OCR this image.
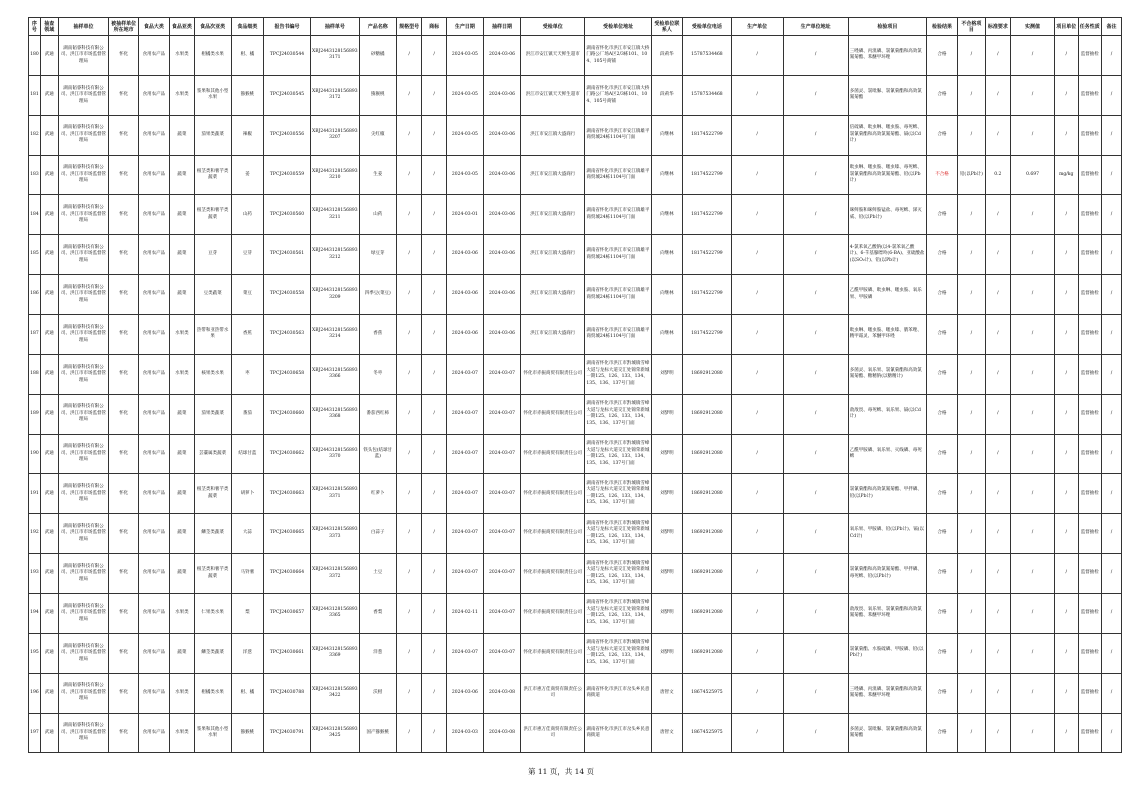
序号	抽查领域	抽样单位	被抽样单位所在地市	食品大类	食品亚类	食品次亚类	食品细类	报告书编号	抽样单号	产品名称	规格型号	商标	生产日期	抽样日期	受检单位	受检单位地址	受检单位联系人	受检单位电话	生产单位	生产单位地址	检验项目	检验结果	不合格项目	标准要求	实测值	项目单位	任务性质	备注
180	武通	湖南韬睿科技有限公司、洪江市市场监督管理局	怀化	食用农产品	水果类	柑橘类水果	柑、橘	TPCJ24030544	XBJ24431281568933171	砂糖橘	/	/	2024-03-05	2024-03-06	洪江市安江镇天天鲜生超市	湖南省怀化市洪江市安江镇大桥门路公厂场A区2/3栋101、104、105号商铺	段莉华	15787534468	/	/	三唑磷、丙溴磷、氯氰菊酯和高效氯氰菊酯、苯醚甲环唑	合格	/	/	/	/	监督抽检	/
181	武通	湖南韬睿科技有限公司、洪江市市场监督管理局	怀化	食用农产品	水果类	浆果和其他小型水果	猕猴桃	TPCJ24030545	XBJ24431281568933172	猕猴桃	/	/	2024-03-05	2024-03-06	洪江市安江镇天天鲜生超市	湖南省怀化市洪江市安江镇大桥门路公厂场A区2/3栋101、104、105号商铺	段莉华	15787534468	/	/	多菌灵、氯吡脲、氯氰菊酯和高效氯氰菊酯	合格	/	/	/	/	监督抽检	/
182	武通	湖南韬睿科技有限公司、洪江市市场监督管理局	怀化	食用农产品	蔬菜	茄果类蔬菜	辣椒	TPCJ24030556	XBJ24431281568933207	尖红椒	/	/	2024-03-05	2024-03-06	洪江市安江镇大盛商行	湖南省怀化市洪江市安江镇雄平商贸城24栋1104号门面	向继林	18174522799	/	/	倍硫磷、吡虫啉、噻虫胺、毒死蜱、氯氰菊酯和高效氯氰菊酯、镉(以Cd计)	合格	/	/	/	/	监督抽检	/
183	武通	湖南韬睿科技有限公司、洪江市市场监督管理局	怀化	食用农产品	蔬菜	根茎类和薯芋类蔬菜	姜	TPCJ24030559	XBJ24431281568933210	生姜	/	/	2024-03-05	2024-03-06	洪江市安江镇大盛商行	湖南省怀化市洪江市安江镇雄平商贸城24栋1104号门面	向继林	18174522799	/	/	吡虫啉、噻虫胺、噻虫嗪、毒死蜱、氯氰菊酯和高效氯氰菊酯、铅(以Pb计)	不合格	铅(以Pb计)	0.2	0.697	mg/kg	监督抽检	/
184	武通	湖南韬睿科技有限公司、洪江市市场监督管理局	怀化	食用农产品	蔬菜	根茎类和薯芋类蔬菜	山药	TPCJ24030560	XBJ24431281568933211	山药	/	/	2024-03-01	2024-03-06	洪江市安江镇大盛商行	湖南省怀化市洪江市安江镇雄平商贸城24栋1104号门面	向继林	18174522799	/	/	咪鲜胺和咪鲜胺锰盐、毒死蜱、涕灭威、铅(以Pb计)	合格	/	/	/	/	监督抽检	/
185	武通	湖南韬睿科技有限公司、洪江市市场监督管理局	怀化	食用农产品	蔬菜	豆芽	豆芽	TPCJ24030561	XBJ24431281568933212	绿豆芽	/	/	2024-03-06	2024-03-06	洪江市安江镇大盛商行	湖南省怀化市洪江市安江镇雄平商贸城24栋1104号门面	向继林	18174522799	/	/	4-氯苯氧乙酸钠(以4-氯苯氧乙酸计)、6-苄基腺嘌呤(6-BA)、亚硫酸盐(以SO₂计)、铅(以Pb计)	合格	/	/	/	/	监督抽检	/
186	武通	湖南韬睿科技有限公司、洪江市市场监督管理局	怀化	食用农产品	蔬菜	豆类蔬菜	菜豆	TPCJ24030558	XBJ24431281568933209	四季豆(菜豆)	/	/	2024-03-06	2024-03-06	洪江市安江镇大盛商行	湖南省怀化市洪江市安江镇雄平商贸城24栋1104号门面	向继林	18174522799	/	/	乙酰甲胺磷、吡虫啉、噻虫胺、氧乐果、甲胺磷	合格	/	/	/	/	监督抽检	/
187	武通	湖南韬睿科技有限公司、洪江市市场监督管理局	怀化	食用农产品	水果类	热带和亚热带水果	香蕉	TPCJ24030563	XBJ24431281568933214	香蕉	/	/	2024-03-06	2024-03-06	洪江市安江镇大盛商行	湖南省怀化市洪江市安江镇雄平商贸城24栋1104号门面	向继林	18174522799	/	/	吡虫啉、噻虫胺、噻虫嗪、腈苯唑、精甲霜灵、苯醚甲环唑	合格	/	/	/	/	监督抽检	/
188	武通	湖南韬睿科技有限公司、洪江市市场监督管理局	怀化	食用农产品	水果类	核果类水果	枣	TPCJ24030658	XBJ24431281568933366	冬枣	/	/	2024-03-07	2024-03-07	怀化市赤振商贸有限责任公司	湖南省怀化市洪江市黔城镇雪峰大道与龙标大道交汇处锦荣新城一期125、126、133、134、135、136、137号门面	刘梦明	18692912080	/	/	多菌灵、氧乐果、氯氰菊酯和高效氯氰菊酯、糖精钠(以糖精计)	合格	/	/	/	/	监督抽检	/
189	武通	湖南韬睿科技有限公司、洪江市市场监督管理局	怀化	食用农产品	蔬菜	茄果类蔬菜	番茄	TPCJ24030660	XBJ24431281568933368	番茄西红柿	/	/	2024-03-07	2024-03-07	怀化市赤振商贸有限责任公司	湖南省怀化市洪江市黔城镇雪峰大道与龙标大道交汇处锦荣新城一期125、126、133、134、135、136、137号门面	刘梦明	18692912080	/	/	敌敌畏、毒死蜱、氧乐果、镉(以Cd计)	合格	/	/	/	/	监督抽检	/
190	武通	湖南韬睿科技有限公司、洪江市市场监督管理局	怀化	食用农产品	蔬菜	芸薹属类蔬菜	结球甘蓝	TPCJ24030662	XBJ24431281568933370	铁头包(结球甘蓝)	/	/	2024-03-07	2024-03-07	怀化市赤振商贸有限责任公司	湖南省怀化市洪江市黔城镇雪峰大道与龙标大道交汇处锦荣新城一期125、126、133、134、135、136、137号门面	刘梦明	18692912080	/	/	乙酰甲胺磷、氧乐果、灭线磷、毒死蜱	合格	/	/	/	/	监督抽检	/
191	武通	湖南韬睿科技有限公司、洪江市市场监督管理局	怀化	食用农产品	蔬菜	根茎类和薯芋类蔬菜	胡萝卜	TPCJ24030663	XBJ24431281568933371	红萝卜	/	/	2024-03-07	2024-03-07	怀化市赤振商贸有限责任公司	湖南省怀化市洪江市黔城镇雪峰大道与龙标大道交汇处锦荣新城一期125、126、133、134、135、136、137号门面	刘梦明	18692912080	/	/	氯氰菊酯和高效氯氰菊酯、甲拌磷、铅(以Pb计)	合格	/	/	/	/	监督抽检	/
192	武通	湖南韬睿科技有限公司、洪江市市场监督管理局	怀化	食用农产品	蔬菜	鳞茎类蔬菜	大蒜	TPCJ24030665	XBJ24431281568933373	白蒜子	/	/	2024-03-07	2024-03-07	怀化市赤振商贸有限责任公司	湖南省怀化市洪江市黔城镇雪峰大道与龙标大道交汇处锦荣新城一期125、126、133、134、135、136、137号门面	刘梦明	18692912080	/	/	氧乐果、甲胺磷、铅(以Pb计)、镉(以Cd计)	合格	/	/	/	/	监督抽检	/
193	武通	湖南韬睿科技有限公司、洪江市市场监督管理局	怀化	食用农产品	蔬菜	根茎类和薯芋类蔬菜	马铃薯	TPCJ24030664	XBJ24431281568933372	土豆	/	/	2024-03-07	2024-03-07	怀化市赤振商贸有限责任公司	湖南省怀化市洪江市黔城镇雪峰大道与龙标大道交汇处锦荣新城一期125、126、133、134、135、136、137号门面	刘梦明	18692912080	/	/	氯氰菊酯和高效氯氰菊酯、甲拌磷、毒死蜱、铅(以Pb计)	合格	/	/	/	/	监督抽检	/
194	武通	湖南韬睿科技有限公司、洪江市市场监督管理局	怀化	食用农产品	水果类	仁果类水果	梨	TPCJ24030657	XBJ24431281568933365	香梨	/	/	2024-02-11	2024-03-07	怀化市赤振商贸有限责任公司	湖南省怀化市洪江市黔城镇雪峰大道与龙标大道交汇处锦荣新城一期125、126、133、134、135、136、137号门面	刘梦明	18692912080	/	/	敌敌畏、氧乐果、氯氰菊酯和高效氯氰菊酯、苯醚甲环唑	合格	/	/	/	/	监督抽检	/
195	武通	湖南韬睿科技有限公司、洪江市市场监督管理局	怀化	食用农产品	蔬菜	鳞茎类蔬菜	洋葱	TPCJ24030661	XBJ24431281568933369	洋葱	/	/	2024-03-07	2024-03-07	怀化市赤振商贸有限责任公司	湖南省怀化市洪江市黔城镇雪峰大道与龙标大道交汇处锦荣新城一期125、126、133、134、135、136、137号门面	刘梦明	18692912080	/	/	氯氰菊酯、水胺硫磷、甲胺磷、铅(以Pb计)	合格	/	/	/	/	监督抽检	/
196	武通	湖南韬睿科技有限公司、洪江市市场监督管理局	怀化	食用农产品	水果类	柑橘类水果	柑、橘	TPCJ24030788	XBJ24431281568933422	沃柑	/	/	2024-03-06	2024-03-08	洪江市惠万佳商贸有限责任公司	湖南省怀化市洪江市岔头乡民意商街道	唐智文	18674525975	/	/	三唑磷、丙溴磷、氯氰菊酯和高效氯氰菊酯、苯醚甲环唑	合格	/	/	/	/	监督抽检	/
197	武通	湖南韬睿科技有限公司、洪江市市场监督管理局	怀化	食用农产品	水果类	浆果和其他小型水果	猕猴桃	TPCJ24030791	XBJ24431281568933425	国产猕猴桃	/	/	2024-03-03	2024-03-08	洪江市惠万佳商贸有限责任公司	湖南省怀化市洪江市岔头乡民意商街道	唐智文	18674525975	/	/	多菌灵、氯吡脲、氯氰菊酯和高效氯氰菊酯	合格	/	/	/	/	监督抽检	/
第 11 页，共 14 页
